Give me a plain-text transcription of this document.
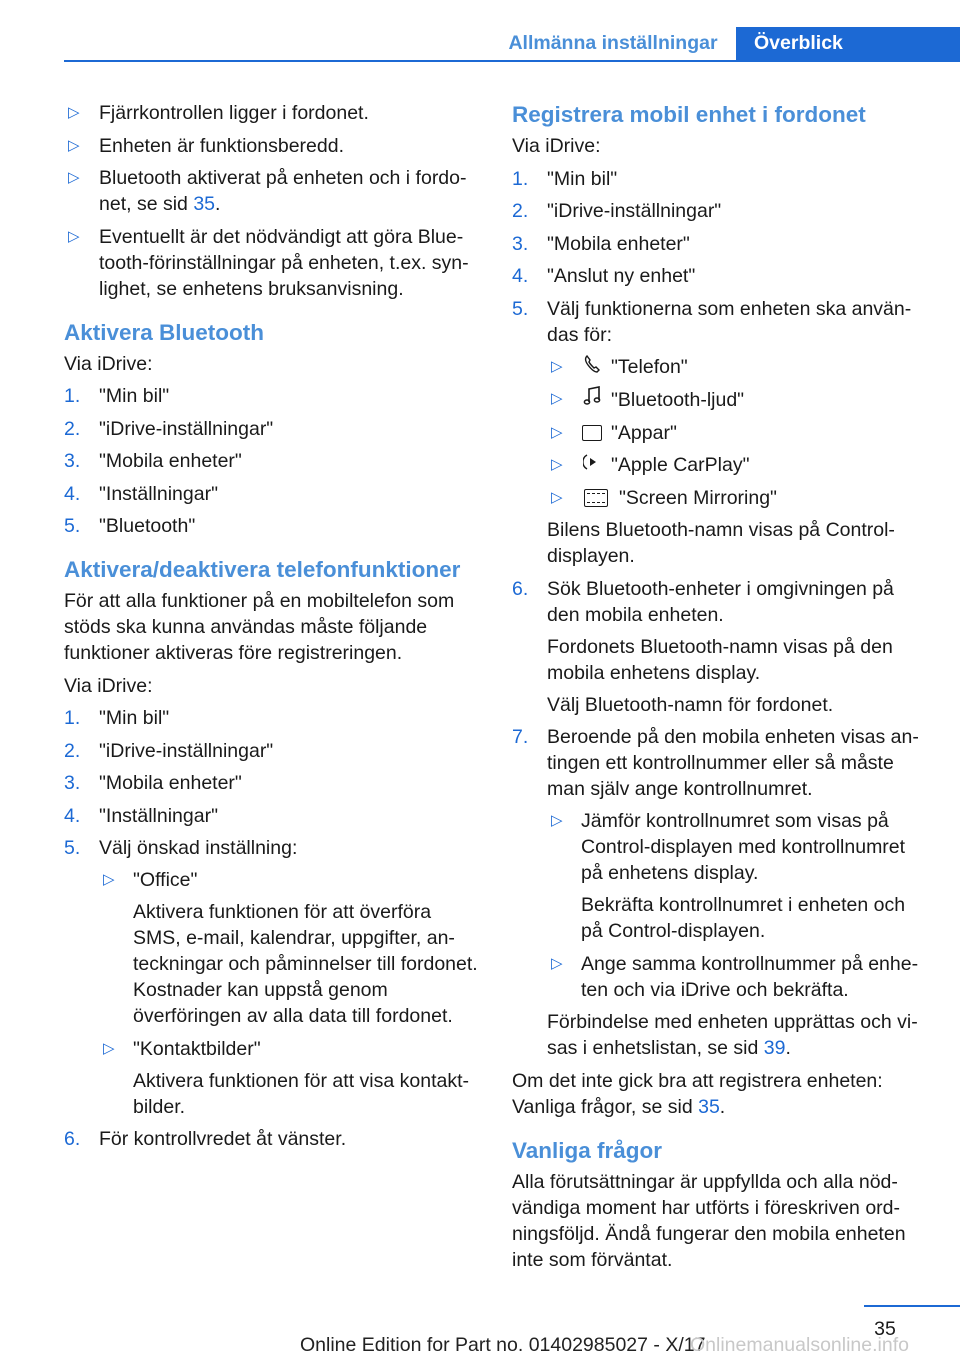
Allmänna inställningar	Överblick
▷ Fjärrkontrollen ligger i fordonet.
▷ Enheten är funktionsberedd.
▷ Bluetooth aktiverat på enheten och i fordonet, se sid 35.
▷ Eventuellt är det nödvändigt att göra Bluetooth-förinställningar på enheten, t.ex. synlighet, se enhetens bruksanvisning.
Aktivera Bluetooth

Via iDrive:

1. "Min bil"
2. "iDrive-inställningar"
3. "Mobila enheter"
4. "Inställningar"
5. "Bluetooth"
Aktivera/deaktivera telefonfunktioner

För att alla funktioner på en mobiltelefon som stöds ska kunna användas måste följande funktioner aktiveras före registreringen.

Via iDrive:

1. "Min bil"
2. "iDrive-inställningar"
3. "Mobila enheter"
4. "Inställningar"
5. Välj önskad inställning:
▷ "Office"
Aktivera funktionen för att överföra SMS, e-mail, kalendrar, uppgifter, anteckningar och påminnelser till fordonet. Kostnader kan uppstå genom överföringen av alla data till fordonet.
▷ "Kontaktbilder"
Aktivera funktionen för att visa kontaktbilder.
6. För kontrollvredet åt vänster.
Registrera mobil enhet i fordonet

Via iDrive:

1. "Min bil"
2. "iDrive-inställningar"
3. "Mobila enheter"
4. "Anslut ny enhet"
5. Välj funktionerna som enheten ska användas för:
▷ "Telefon"
▷ "Bluetooth-ljud"
▷ "Appar"
▷ "Apple CarPlay"
▷	"Screen Mirroring"
Bilens Bluetooth-namn visas på Control-displayen.
6. Sök Bluetooth-enheter i omgivningen på den mobila enheten.
Fordonets Bluetooth-namn visas på den mobila enhetens display.
Välj Bluetooth-namn för fordonet.
7. Beroende på den mobila enheten visas antingen ett kontrollnummer eller så måste man själv ange kontrollnumret.
▷ Jämför kontrollnumret som visas på Control-displayen med kontrollnumret på enhetens display.
Bekräfta kontrollnumret i enheten och på Control-displayen.
▷ Ange samma kontrollnummer på enheten och via iDrive och bekräfta.
Förbindelse med enheten upprättas och visas i enhetslistan, se sid 39.

Om det inte gick bra att registrera enheten: Vanliga frågor, se sid 35.

Vanliga frågor

Alla förutsättningar är uppfyllda och alla nödvändiga moment har utförts i föreskriven ordningsföljd. Ändå fungerar den mobila enheten inte som förväntat.

35
Online Edition for Part no. 01402985027 - X/17
Onlinemanualsonline.info
